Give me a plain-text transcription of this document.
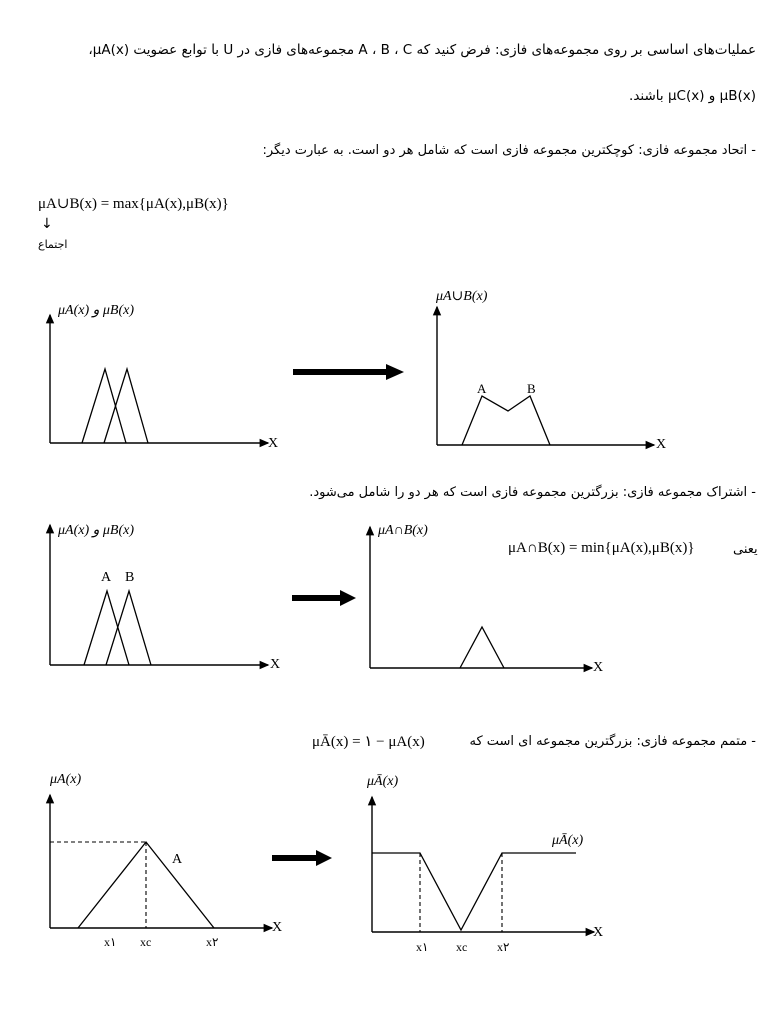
عملیات‌های اساسی بر روی مجموعه‌های فازی: فرض کنید که A ، B ، C مجموعه‌های فازی در U با توابع عضویت μA(x)،
μB(x) و μC(x) باشند.
- اتحاد مجموعه فازی: کوچکترین مجموعه فازی است که شامل هر دو است. به عبارت دیگر:
μA∪B(x) = max{μA(x),μB(x)}
↓
اجتماع
μA(x) و μB(x)
X
μA∪B(x)
A	B
X
- اشتراک مجموعه فازی: بزرگترین مجموعه فازی است که هر دو را شامل می‌شود.
μA(x) و μB(x)
A B
X
μA∩B(x)
X
μA∩B(x) = min{μA(x),μB(x)}	یعنی
- متمم مجموعه فازی: بزرگترین مجموعه ای است که
μĀ(x) = ۱ − μA(x)
μA(x)
A
X
x۱ xc	x۲
μĀ(x)
μĀ(x)
X
x۱ xc x۲
